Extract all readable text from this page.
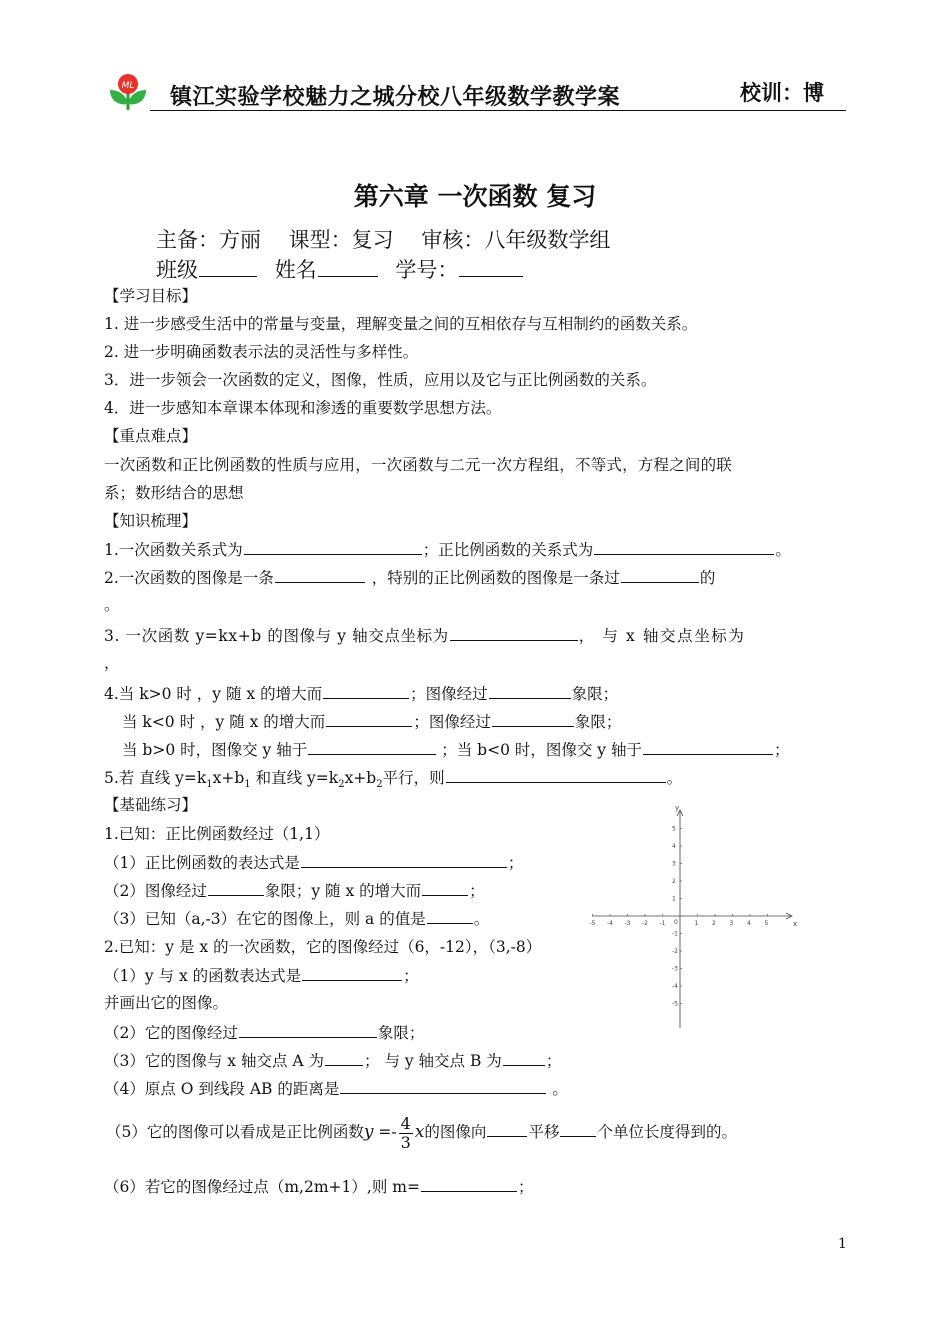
ML 镇江实验学校魅力之城分校八年级数学教学案	校训：博
第六章 一次函数 复习
主备：方丽　 课型：复习　 审核：八年级数学组
班级	姓名	学号：
【学习目标】
1. 进一步感受生活中的常量与变量，理解变量之间的互相依存与互相制约的函数关系。
2. 进一步明确函数表示法的灵活性与多样性。
3．进一步领会一次函数的定义，图像，性质，应用以及它与正比例函数的关系。
4．进一步感知本章课本体现和渗透的重要数学思想方法。
【重点难点】
一次函数和正比例函数的性质与应用，一次函数与二元一次方程组，不等式，方程之间的联
系；数形结合的思想
【知识梳理】
1.一次函数关系式为	；正比例函数的关系式为	。
2.一次函数的图像是一条	，特别的正比例函数的图像是一条过	的
。
3. 一次函数 y=kx+b 的图像与 y 轴交点坐标为	， 与 x 轴交点坐标为
，
4.当 k>0 时 ，y 随 x 的增大而	；图像经过	象限；
当 k<0 时 ，y 随 x 的增大而	；图像经过	象限；
当 b>0 时，图像交 y 轴于	；当 b<0 时，图像交 y 轴于	；
5.若 直线 $y=k_1x+b_1$ 和直线 $y=k_2x+b_2$平行，则	。
【基础练习】
1.已知：正比例函数经过（1,1）
（1）正比例函数的表达式是	；
（2）图像经过	象限；y 随 x 的增大而	；
（3）已知（a,-3）在它的图像上，则 a 的值是	。
2.已知：y 是 x 的一次函数，它的图像经过（6，-12），（3,-8）
（1）y 与 x 的函数表达式是	；
并画出它的图像。
（2）它的图像经过	象限；
（3）它的图像与 x 轴交点 A 为	； 与 y 轴交点 B 为	；
（4）原点 O 到线段 AB 的距离是	。
（5）它的图像可以看成是正比例函数$y =- \frac{4}{3}$ x的图像向	平移 个单位长度得到的。
（6）若它的图像经过点（m,2m+1）,则 m=	；
-5 -4 -3 -2 -1	1 2 3 4 5
5
4
3
2
1
-1
-2
-3
-4
-5
x
y
0
1
